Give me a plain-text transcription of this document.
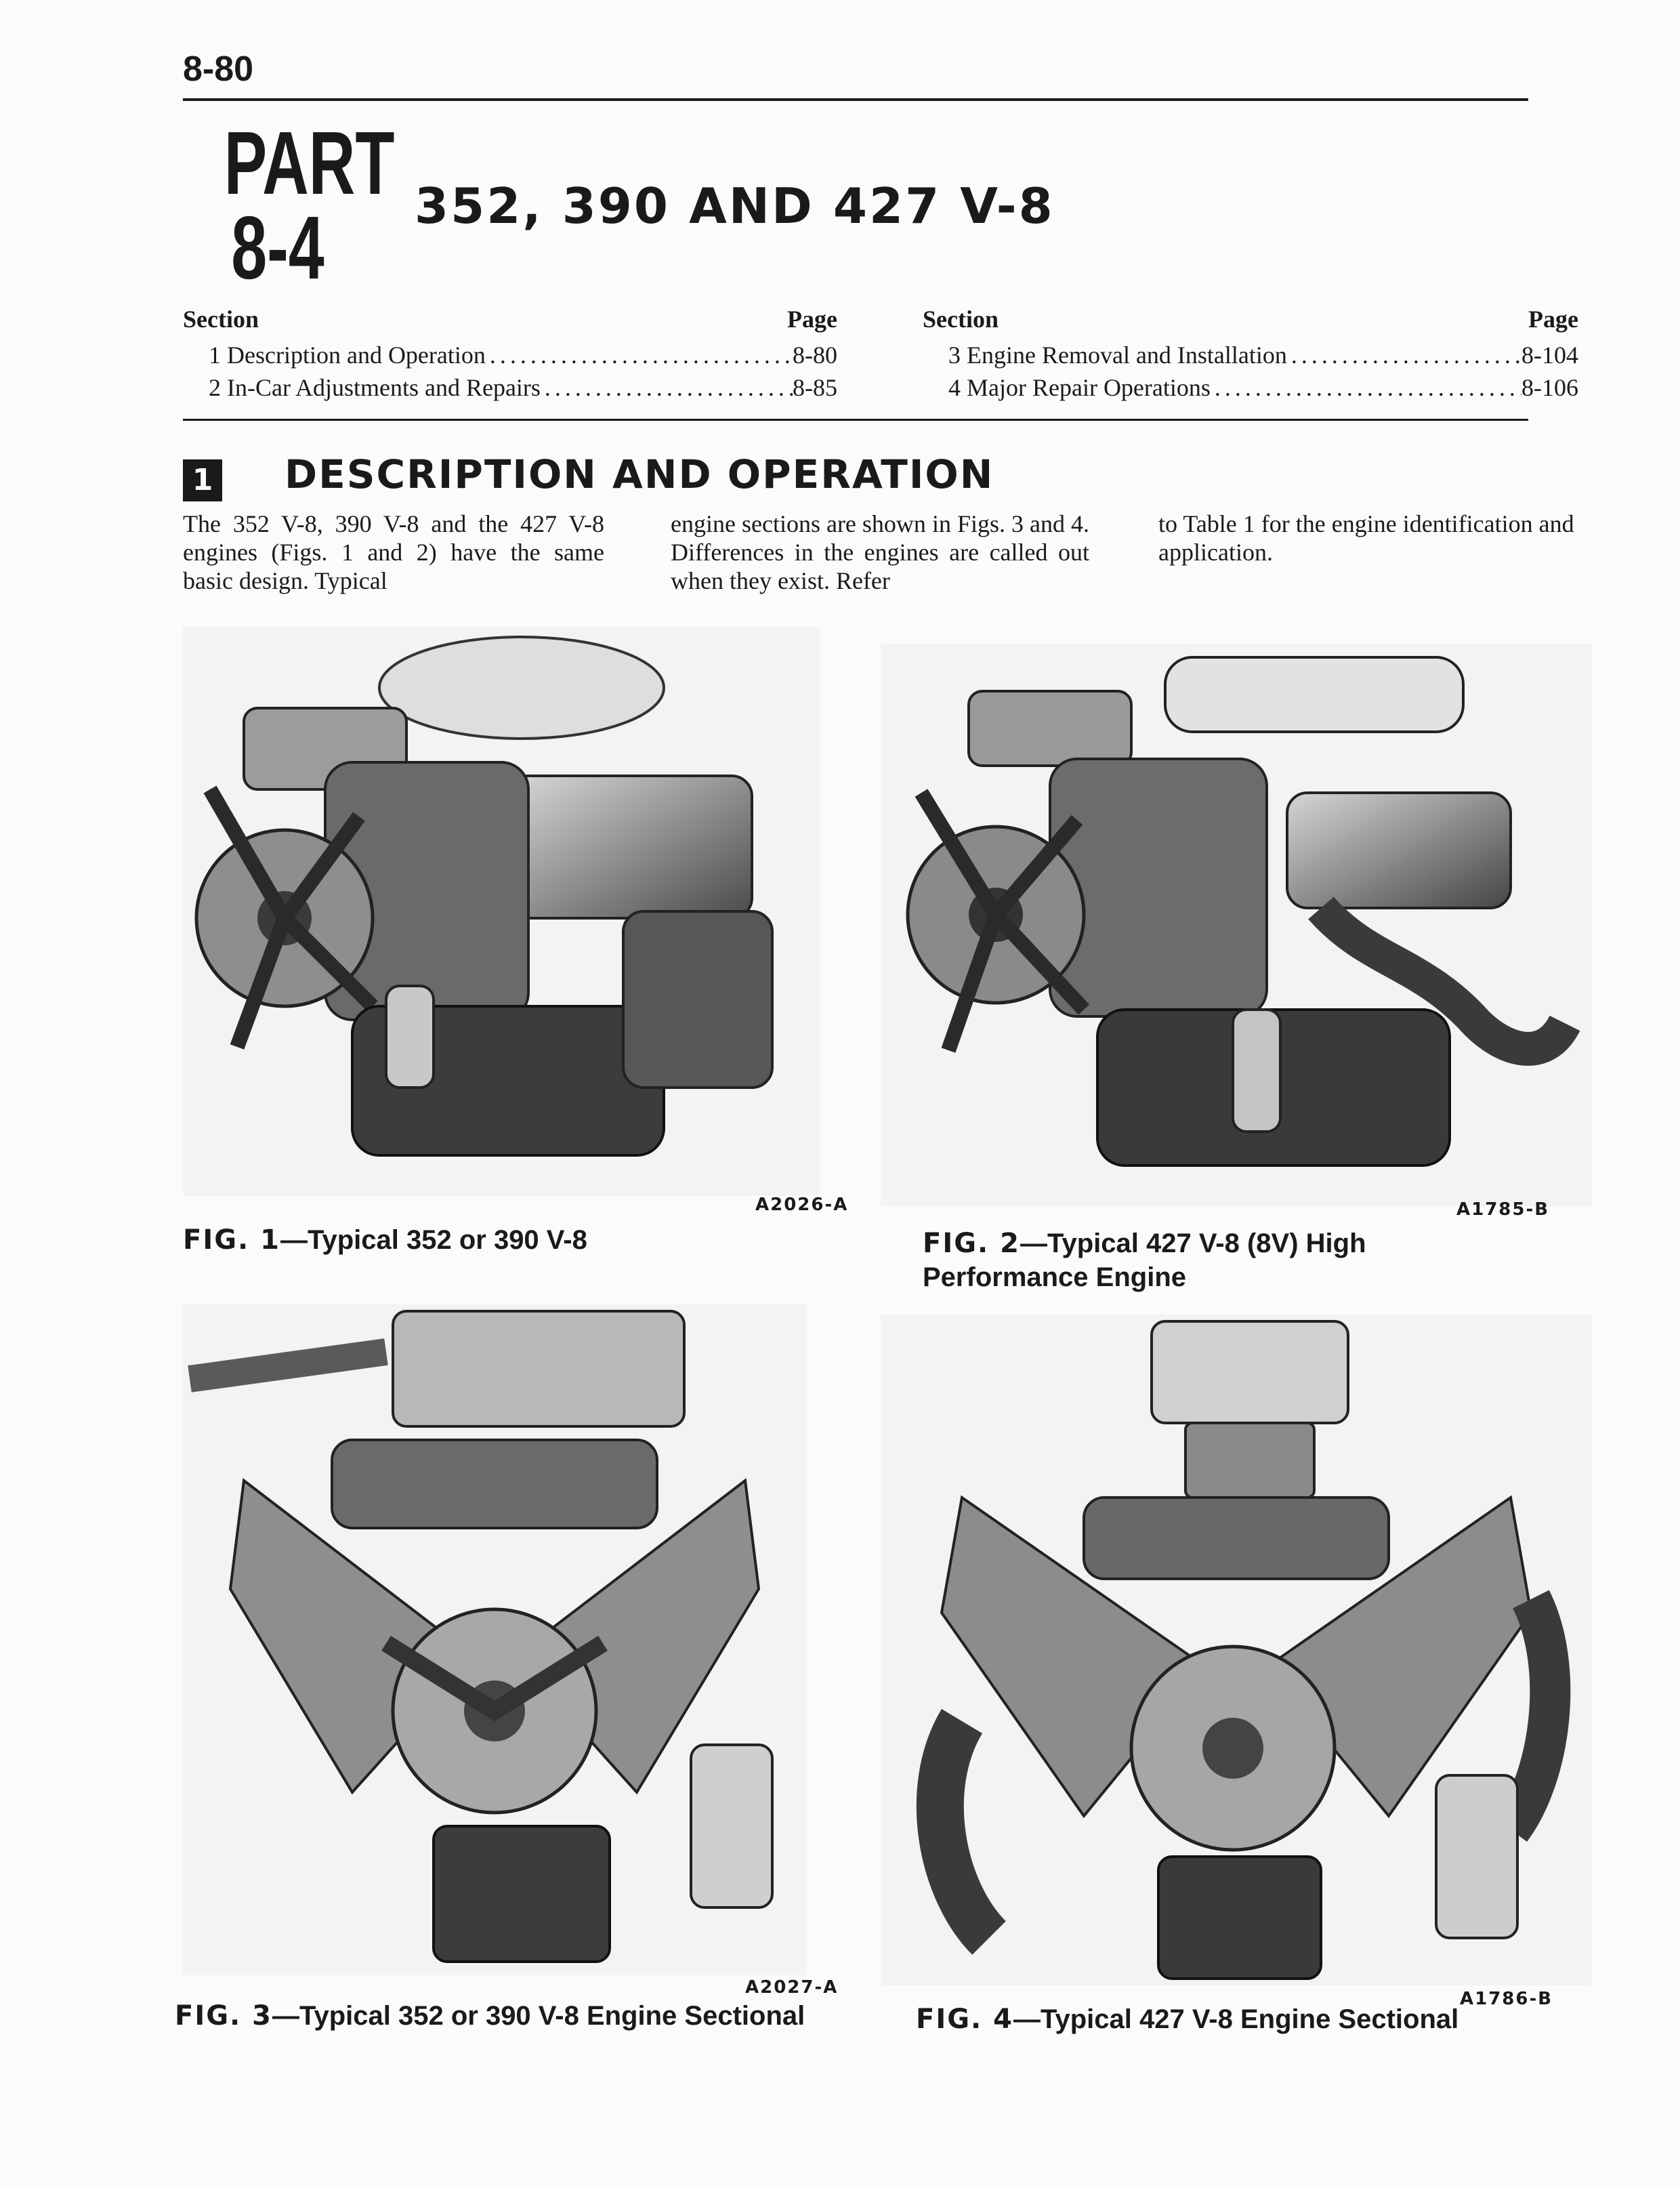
8-80
PART
8-4 352, 390 AND 427 V-8
Section	Page
1 Description and Operation .....	8-80
2 In-Car Adjustments and Repairs .....	8-85
Section	Page
3 Engine Removal and Installation .....	8-104
4 Major Repair Operations .....	8-106
1 DESCRIPTION AND OPERATION
The 352 V-8, 390 V-8 and the 427 V-8 engines (Figs. 1 and 2) have the same basic design. Typical
engine sections are shown in Figs. 3 and 4. Differences in the engines are called out when they exist. Refer
to Table 1 for the engine identification and application.
A2026-A
FIG. 1—Typical 352 or 390 V-8
A1785-B
FIG. 2—Typical 427 V-8 (8V) High Performance Engine
A2027-A
FIG. 3—Typical 352 or 390 V-8 Engine Sectional
A1786-B
FIG. 4—Typical 427 V-8 Engine Sectional
